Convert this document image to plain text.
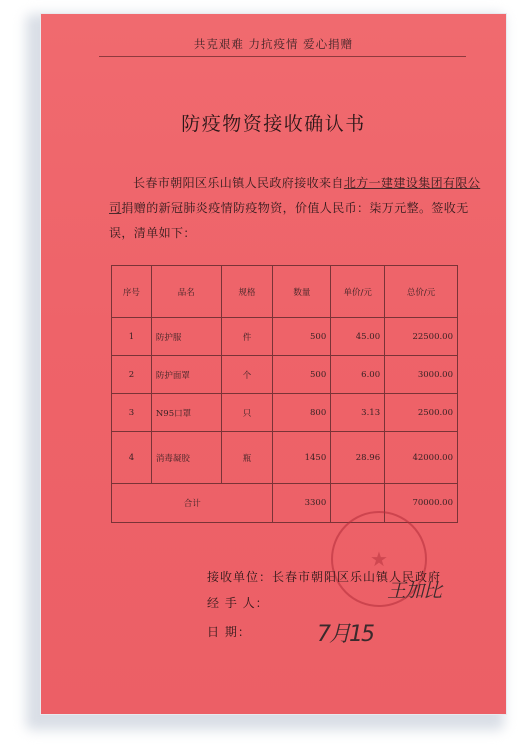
共克艰难 力抗疫情 爱心捐赠
防疫物资接收确认书
长春市朝阳区乐山镇人民政府接收来自北方一建建设集团有限公司捐赠的新冠肺炎疫情防疫物资，价值人民币：柒万元整。签收无误，清单如下：
序号	品名	规格	数量	单价/元	总价/元
1	防护服	件	500	45.00	22500.00
2	防护面罩	个	500	6.00	3000.00
3	N95口罩	只	800	3.13	2500.00
4	消毒凝胶	瓶	1450	28.96	42000.00
合计			3300		70000.00
★
接收单位：长春市朝阳区乐山镇人民政府
经 手 人：
日 期：
王加比
7月15
